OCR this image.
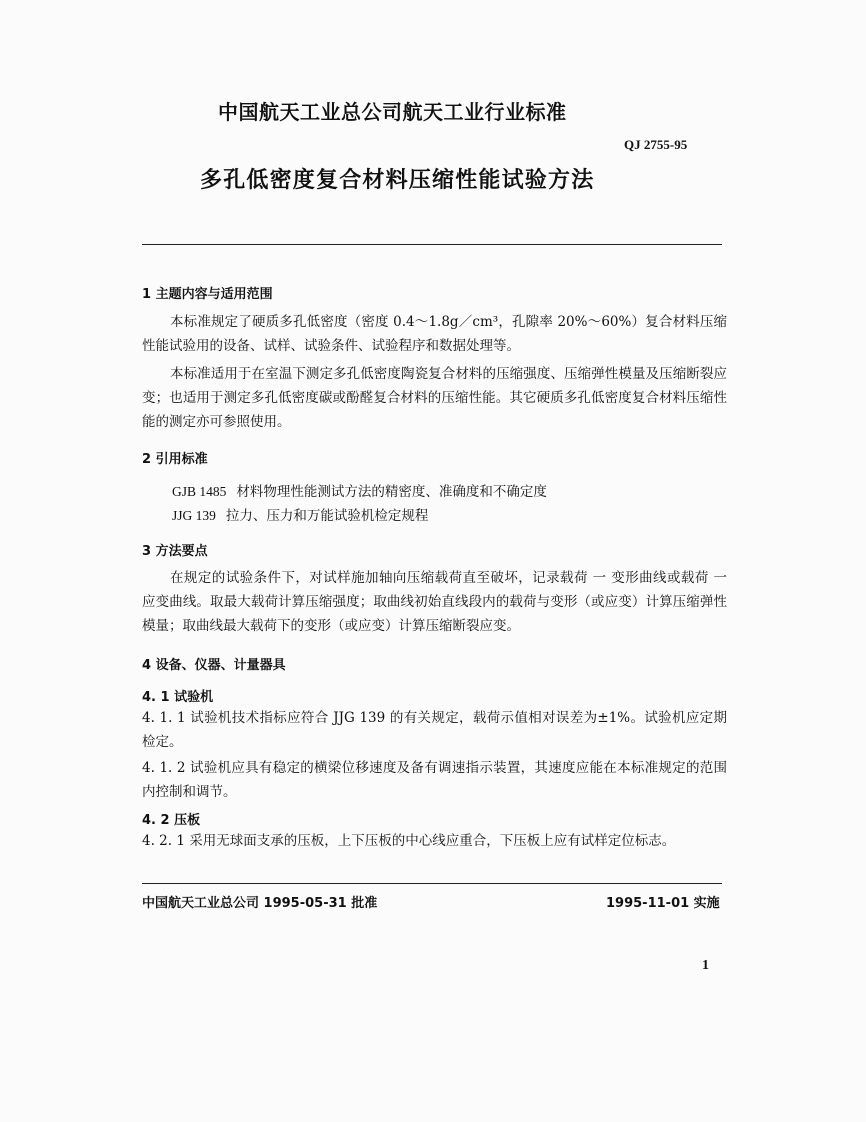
中国航天工业总公司航天工业行业标准
QJ 2755-95
多孔低密度复合材料压缩性能试验方法
1 主题内容与适用范围

本标准规定了硬质多孔低密度（密度 0.4～1.8g／cm³，孔隙率 20%～60%）复合材料压缩性能试验用的设备、试样、试验条件、试验程序和数据处理等。

本标准适用于在室温下测定多孔低密度陶瓷复合材料的压缩强度、压缩弹性模量及压缩断裂应变；也适用于测定多孔低密度碳或酚醛复合材料的压缩性能。其它硬质多孔低密度复合材料压缩性能的测定亦可参照使用。

2 引用标准
GJB 1485 材料物理性能测试方法的精密度、准确度和不确定度
JJG 139 拉力、压力和万能试验机检定规程
3 方法要点

在规定的试验条件下，对试样施加轴向压缩载荷直至破坏，记录载荷 一 变形曲线或载荷 一 应变曲线。取最大载荷计算压缩强度；取曲线初始直线段内的载荷与变形（或应变）计算压缩弹性模量；取曲线最大载荷下的变形（或应变）计算压缩断裂应变。

4 设备、仪器、计量器具
4. 1 试验机

4. 1. 1 试验机技术指标应符合 JJG 139 的有关规定，载荷示值相对误差为±1%。试验机应定期检定。

4. 1. 2 试验机应具有稳定的横梁位移速度及备有调速指示装置，其速度应能在本标准规定的范围内控制和调节。

4. 2 压板

4. 2. 1 采用无球面支承的压板，上下压板的中心线应重合，下压板上应有试样定位标志。

中国航天工业总公司 1995-05-31 批准	1995-11-01 实施
1
